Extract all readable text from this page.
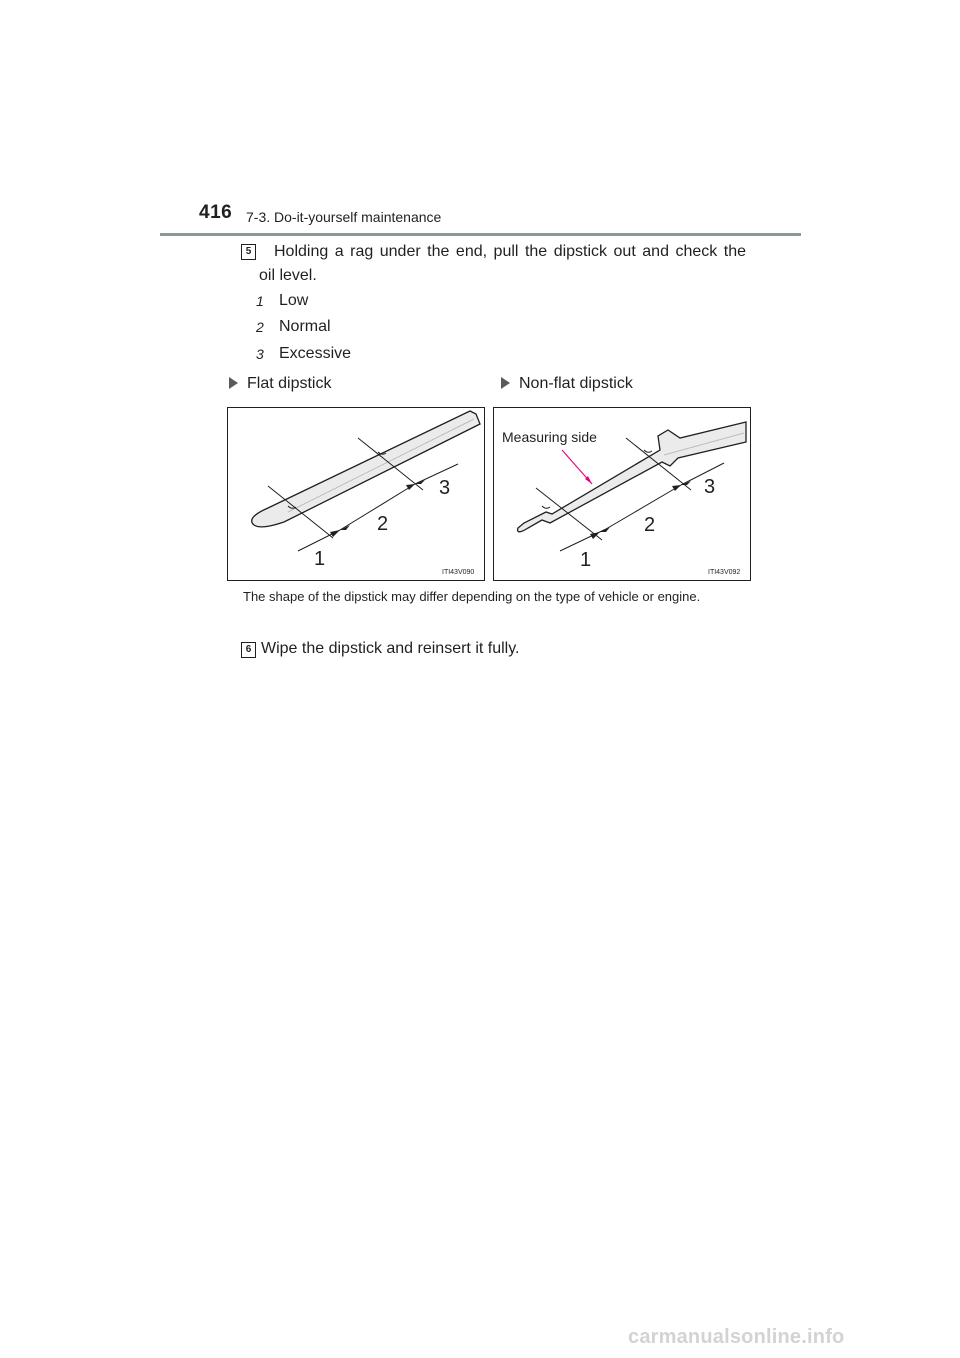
416 7-3. Do-it-yourself maintenance
5 Holding a rag under the end, pull the dipstick out and check the
oil level.
1 Low
2 Normal
3 Excessive
Flat dipstick	Non-flat dipstick
1
2
3
ITI43V090
1
2
3
Measuring side
ITI43V092
The shape of the dipstick may differ depending on the type of vehicle or engine.
6 Wipe the dipstick and reinsert it fully.
carmanualsonline.info
